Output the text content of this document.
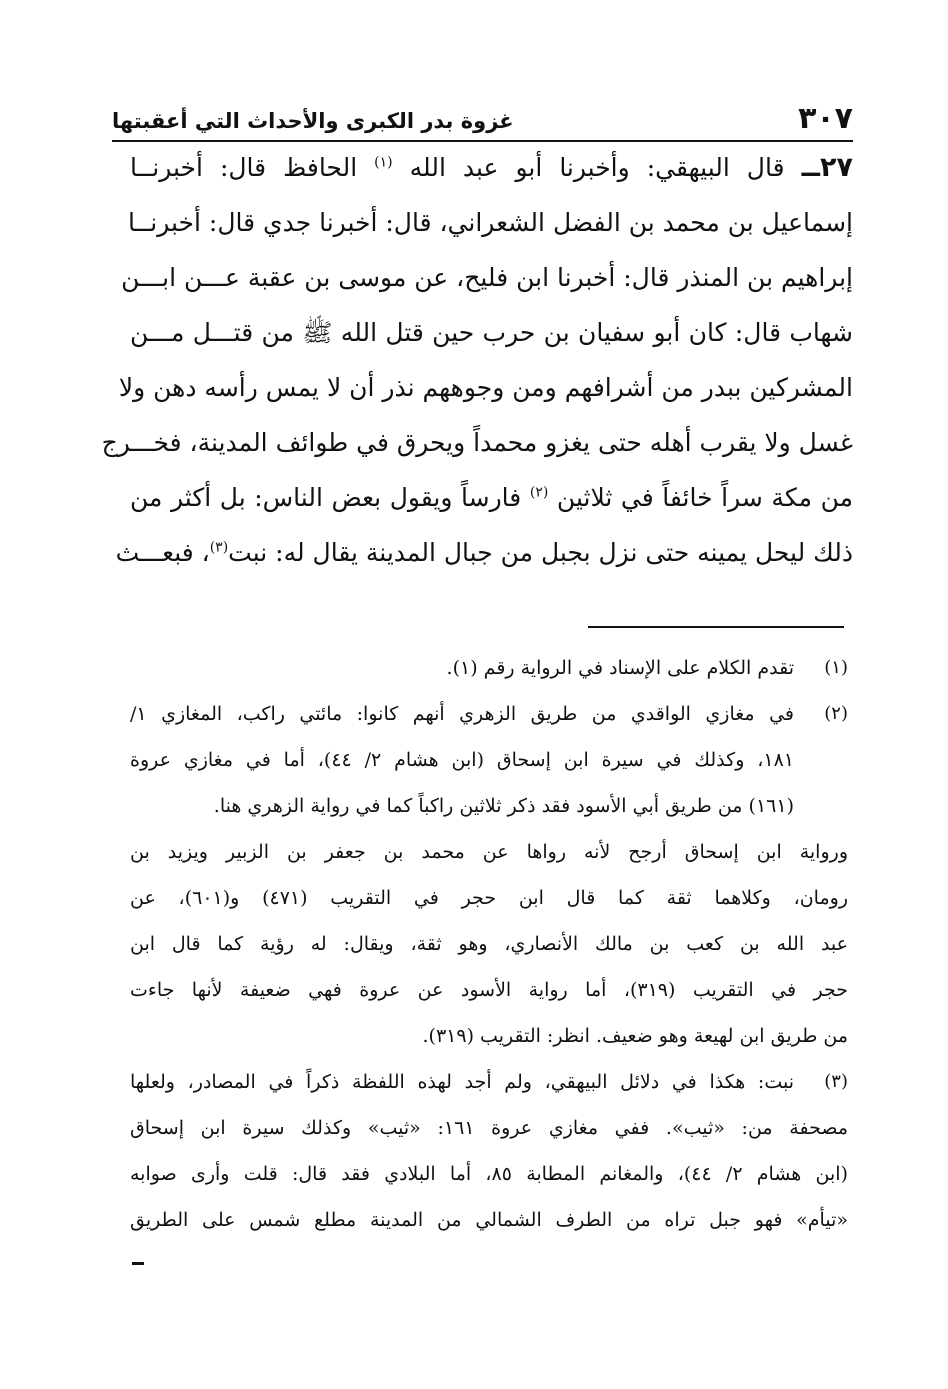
٣٠٧
غزوة بدر الكبرى والأحداث التي أعقبتها
٢٧ــ قال البيهقي: وأخبرنا أبو عبد الله $^{(١)}$ الحافظ قال: أخبرنــا
إسماعيل بن محمد بن الفضل الشعراني، قال: أخبرنا جدي قال: أخبرنــا
إبراهيم بن المنذر قال: أخبرنا ابن فليح، عن موسى بن عقبة عـــن ابـــن
شهاب قال: كان أبو سفيان بن حرب حين قتل الله ﷺ من قتـــل مـــن
المشركين ببدر من أشرافهم ومن وجوههم نذر أن لا يمس رأسه دهن ولا
غسل ولا يقرب أهله حتى يغزو محمداً ويحرق في طوائف المدينة، فخـــرج
من مكة سراً خائفاً في ثلاثين $^{(٢)}$ فارساً ويقول بعض الناس: بل أكثر من
ذلك ليحل يمينه حتى نزل بجبل من جبال المدينة يقال له: نبت$^{(٣)}$، فبعـــث
(١)
تقدم الكلام على الإسناد في الرواية رقم (١).
(٢)
في مغازي الواقدي من طريق الزهري أنهم كانوا: مائتي راكب، المغازي ١/
١٨١، وكذلك في سيرة ابن إسحاق (ابن هشام ٢/ ٤٤)، أما في مغازي عروة
(١٦١) من طريق أبي الأسود فقد ذكر ثلاثين راكباً كما في رواية الزهري هنا.
ورواية ابن إسحاق أرجح لأنه رواها عن محمد بن جعفر بن الزبير ويزيد بن
رومان، وكلاهما ثقة كما قال ابن حجر في التقريب (٤٧١) و(٦٠١)، عن
عبد الله بن كعب بن مالك الأنصاري، وهو ثقة، ويقال: له رؤية كما قال ابن
حجر في التقريب (٣١٩)، أما رواية الأسود عن عروة فهي ضعيفة لأنها جاءت
من طريق ابن لهيعة وهو ضعيف. انظر: التقريب (٣١٩).
(٣)
نبت: هكذا في دلائل البيهقي، ولم أجد لهذه اللفظة ذكراً في المصادر، ولعلها
مصحفة من: «ثيب». ففي مغازي عروة ١٦١: «ثيب» وكذلك سيرة ابن إسحاق
(ابن هشام ٢/ ٤٤)، والمغانم المطابة ٨٥، أما البلادي فقد قال: قلت وأرى صوابه
«تيأم» فهو جبل تراه من الطرف الشمالي من المدينة مطلع شمس على الطريق
